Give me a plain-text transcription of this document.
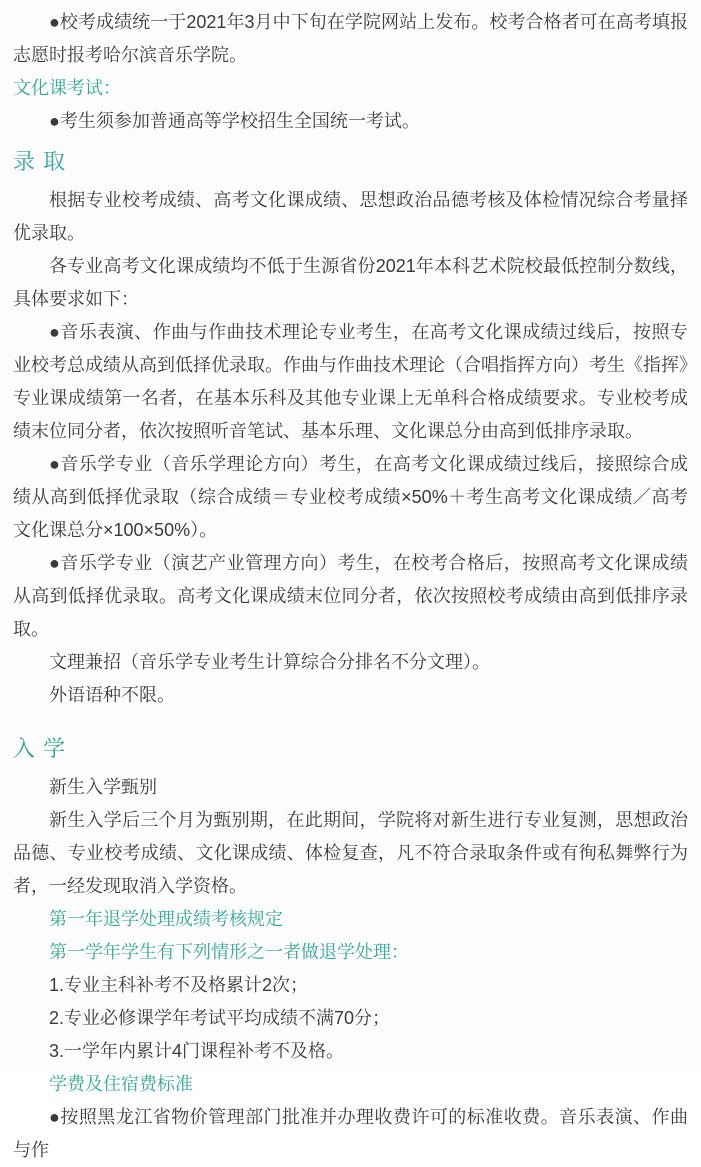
●校考成绩统一于2021年3月中下旬在学院网站上发布。校考合格者可在高考填报志愿时报考哈尔滨音乐学院。

文化课考试：

●考生须参加普通高等学校招生全国统一考试。

录 取

根据专业校考成绩、高考文化课成绩、思想政治品德考核及体检情况综合考量择优录取。

各专业高考文化课成绩均不低于生源省份2021年本科艺术院校最低控制分数线，具体要求如下：

●音乐表演、作曲与作曲技术理论专业考生，在高考文化课成绩过线后，按照专业校考总成绩从高到低择优录取。作曲与作曲技术理论（合唱指挥方向）考生《指挥》专业课成绩第一名者，在基本乐科及其他专业课上无单科合格成绩要求。专业校考成绩末位同分者，依次按照听音笔试、基本乐理、文化课总分由高到低排序录取。

●音乐学专业（音乐学理论方向）考生，在高考文化课成绩过线后，接照综合成绩从高到低择优录取（综合成绩＝专业校考成绩×50%＋考生高考文化课成绩／高考文化课总分×100×50%）。

●音乐学专业（演艺产业管理方向）考生，在校考合格后，按照高考文化课成绩从高到低择优录取。高考文化课成绩末位同分者，依次按照校考成绩由高到低排序录取。

文理兼招（音乐学专业考生计算综合分排名不分文理）。

外语语种不限。

入 学

新生入学甄别

新生入学后三个月为甄别期，在此期间，学院将对新生进行专业复测，思想政治品德、专业校考成绩、文化课成绩、体检复查，凡不符合录取条件或有徇私舞弊行为者，一经发现取消入学资格。

第一年退学处理成绩考核规定

第一学年学生有下列情形之一者做退学处理：

1.专业主科补考不及格累计2次；

2.专业必修课学年考试平均成绩不满70分；

3.一学年内累计4门课程补考不及格。

学费及住宿费标准

●按照黑龙江省物价管理部门批准并办理收费许可的标准收费。音乐表演、作曲与作
